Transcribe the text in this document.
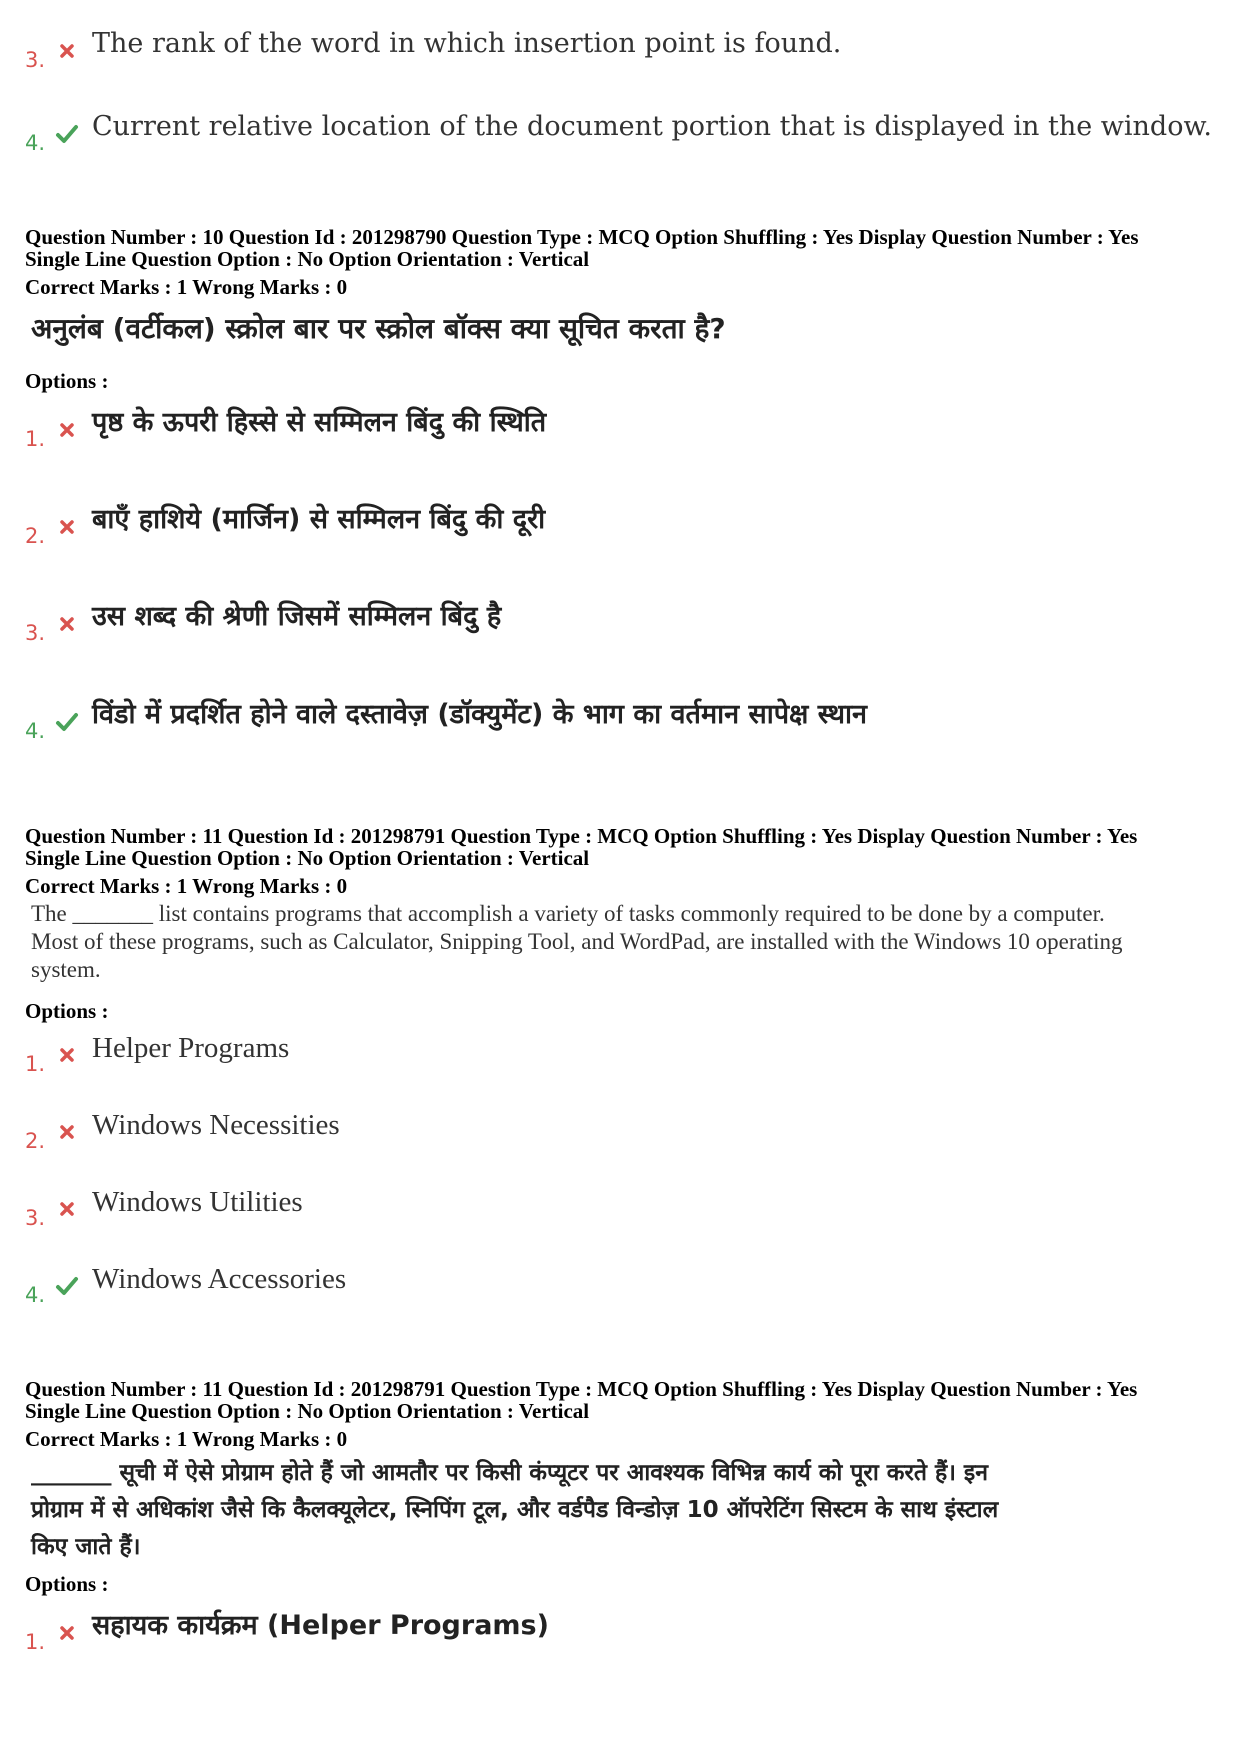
3.
The rank of the word in which insertion point is found.
4.
Current relative location of the document portion that is displayed in the window.
Question Number : 10 Question Id : 201298790 Question Type : MCQ Option Shuffling : Yes Display Question Number : Yes
Single Line Question Option : No Option Orientation : Vertical
Correct Marks : 1 Wrong Marks : 0
अनुलंब (वर्टीकल) स्क्रोल बार पर स्क्रोल बॉक्स क्या सूचित करता है?
Options :
1.
पृष्ठ के ऊपरी हिस्से से सम्मिलन बिंदु की स्थिति
2.
बाएँ हाशिये (मार्जिन) से सम्मिलन बिंदु की दूरी
3.
उस शब्द की श्रेणी जिसमें सम्मिलन बिंदु है
4.
विंडो में प्रदर्शित होने वाले दस्तावेज़ (डॉक्युमेंट) के भाग का वर्तमान सापेक्ष स्थान
Question Number : 11 Question Id : 201298791 Question Type : MCQ Option Shuffling : Yes Display Question Number : Yes
Single Line Question Option : No Option Orientation : Vertical
Correct Marks : 1 Wrong Marks : 0
The _______ list contains programs that accomplish a variety of tasks commonly required to be done by a computer.
Most of these programs, such as Calculator, Snipping Tool, and WordPad, are installed with the Windows 10 operating
system.
Options :
1. Helper Programs
2. Windows Necessities
3. Windows Utilities
4. Windows Accessories
Question Number : 11 Question Id : 201298791 Question Type : MCQ Option Shuffling : Yes Display Question Number : Yes
Single Line Question Option : No Option Orientation : Vertical
Correct Marks : 1 Wrong Marks : 0
_______ सूची में ऐसे प्रोग्राम होते हैं जो आमतौर पर किसी कंप्यूटर पर आवश्यक विभिन्न कार्य को पूरा करते हैं। इन
प्रोग्राम में से अधिकांश जैसे कि कैलक्यूलेटर, स्निपिंग टूल, और वर्डपैड विन्डोज़ 10 ऑपरेटिंग सिस्टम के साथ इंस्टाल
किए जाते हैं।
Options :
1.
सहायक कार्यक्रम (Helper Programs)
